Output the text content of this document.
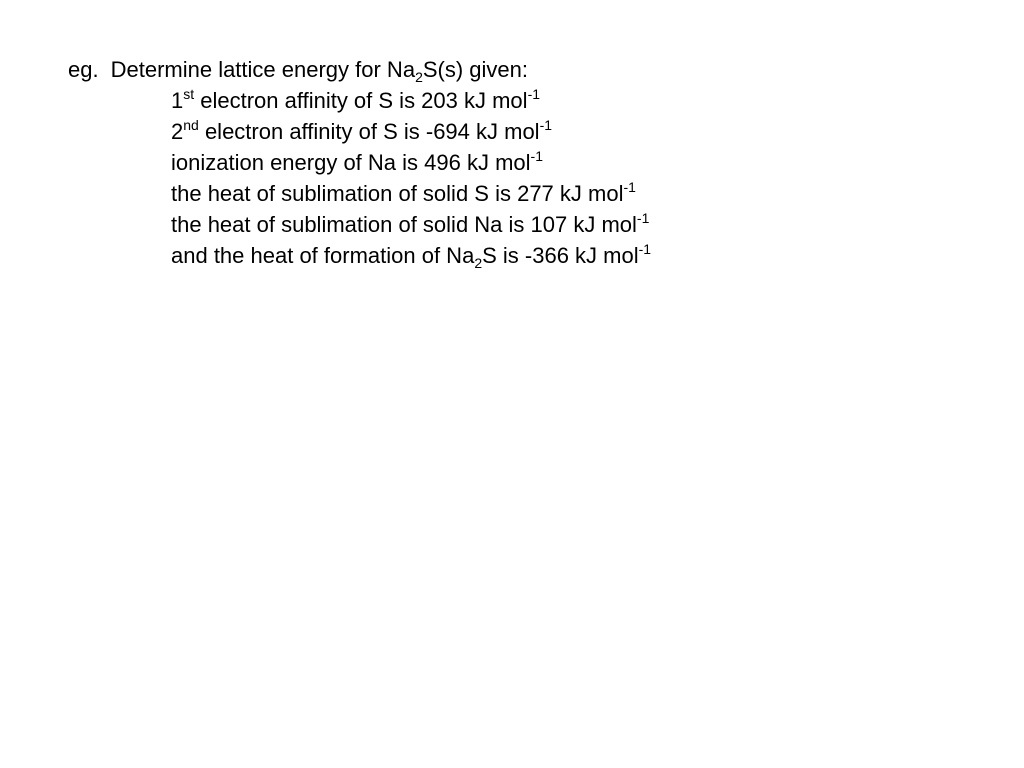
eg. Determine lattice energy for $Na_2S(s)$ given:
1st electron affinity of S is 203 kJ mol$^{-1}$
2nd electron affinity of S is -694 kJ mol$^{-1}$
ionization energy of Na is 496 kJ mol$^{-1}$
the heat of sublimation of solid S is 277 kJ mol$^{-1}$
the heat of sublimation of solid Na is 107 kJ mol$^{-1}$
and the heat of formation of $Na_2S$ is -366 kJ mol$^{-1}$
